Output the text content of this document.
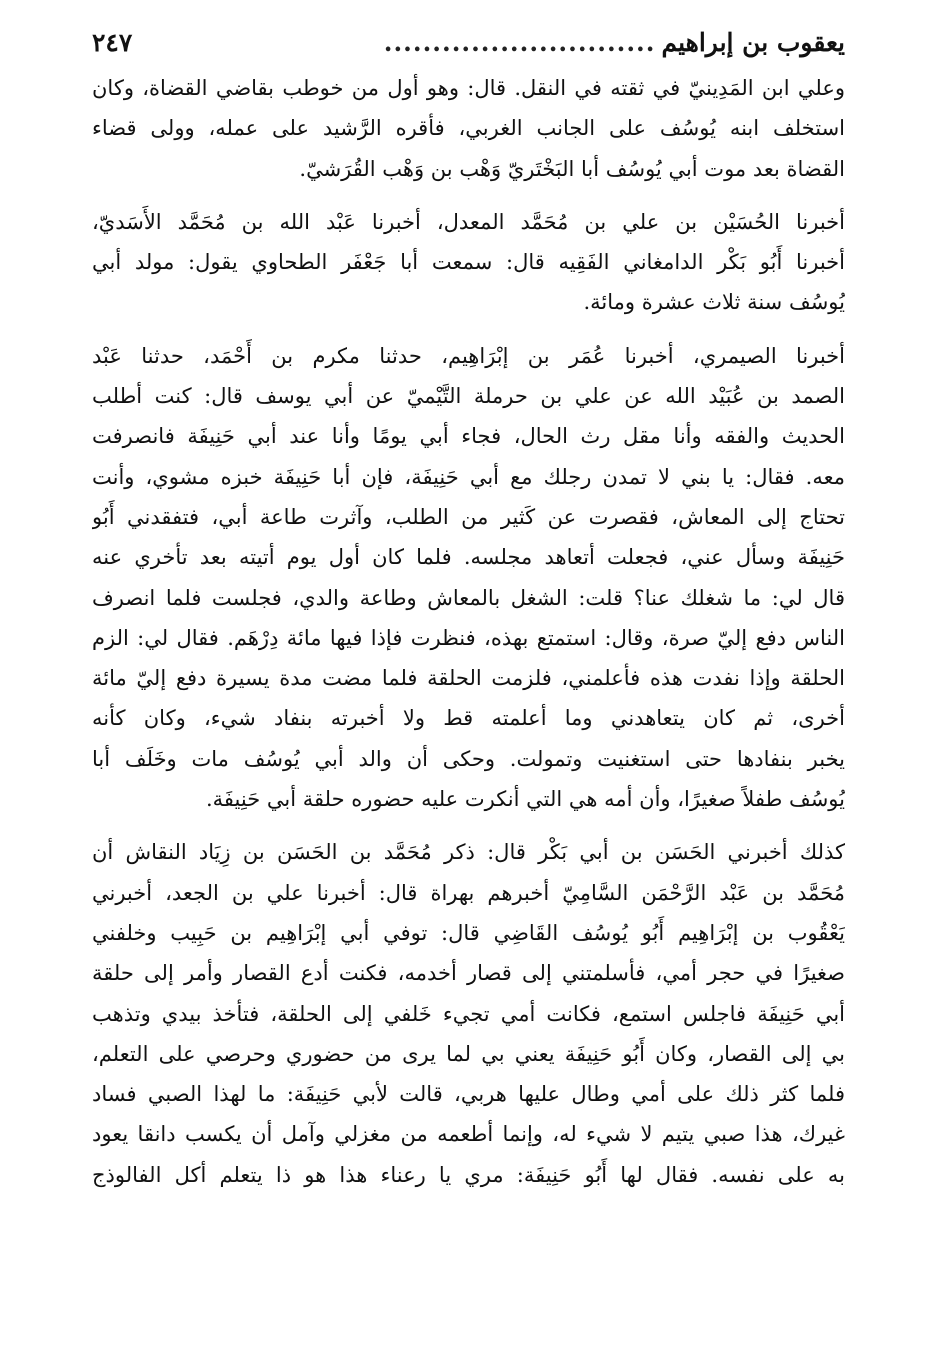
يعقوب بن إبراهيم
............................
٢٤٧
وعلي ابن المَدِينيّ في ثقته في النقل. قال: وهو أول من خوطب بقاضي القضاة، وكان
استخلف ابنه يُوسُف على الجانب الغربي، فأقره الرَّشيد على عمله، وولى قضاء
القضاة بعد موت أبي يُوسُف أبا البَخْتَريّ وَهْب بن وَهْب القُرَشيّ.
أخبرنا الحُسَيْن بن علي بن مُحَمَّد المعدل، أخبرنا عَبْد الله بن مُحَمَّد الأَسَديّ،
أخبرنا أَبُو بَكْر الدامغاني الفَقِيه قال: سمعت أبا جَعْفَر الطحاوي يقول: مولد أبي
يُوسُف سنة ثلاث عشرة ومائة.
أخبرنا الصيمري، أخبرنا عُمَر بن إبْرَاهِيم، حدثنا مكرم بن أَحْمَد، حدثنا عَبْد
الصمد بن عُبَيْد الله عن علي بن حرملة التَّيْميّ عن أبي يوسف قال: كنت أطلب
الحديث والفقه وأنا مقل رث الحال، فجاء أبي يومًا وأنا عند أبي حَنِيفَة فانصرفت
معه. فقال: يا بني لا تمدن رجلك مع أبي حَنِيفَة، فإن أبا حَنِيفَة خبزه مشوي، وأنت
تحتاج إلى المعاش، فقصرت عن كَثير من الطلب، وآثرت طاعة أبي، فتفقدني أَبُو
حَنِيفَة وسأل عني، فجعلت أتعاهد مجلسه. فلما كان أول يوم أتيته بعد تأخري عنه
قال لي: ما شغلك عنا؟ قلت: الشغل بالمعاش وطاعة والدي، فجلست فلما انصرف
الناس دفع إليّ صرة، وقال: استمتع بهذه، فنظرت فإذا فيها مائة دِرْهَم. فقال لي: الزم
الحلقة وإذا نفدت هذه فأعلمني، فلزمت الحلقة فلما مضت مدة يسيرة دفع إليّ مائة
أخرى، ثم كان يتعاهدني وما أعلمته قط ولا أخبرته بنفاد شيء، وكان كأنه
يخبر بنفادها حتى استغنيت وتمولت. وحكى أن والد أبي يُوسُف مات وخَلَف أبا
يُوسُف طفلاً صغيرًا، وأن أمه هي التي أنكرت عليه حضوره حلقة أبي حَنِيفَة.
كذلك أخبرني الحَسَن بن أبي بَكْر قال: ذكر مُحَمَّد بن الحَسَن بن زِيَاد النقاش أن
مُحَمَّد بن عَبْد الرَّحْمَن السَّامِيّ أخبرهم بهراة قال: أخبرنا علي بن الجعد، أخبرني
يَعْقُوب بن إبْرَاهِيم أَبُو يُوسُف القَاضِي قال: توفي أبي إبْرَاهِيم بن حَبِيب وخلفني
صغيرًا في حجر أمي، فأسلمتني إلى قصار أخدمه، فكنت أدع القصار وأمر إلى حلقة
أبي حَنِيفَة فاجلس استمع، فكانت أمي تجيء خَلفي إلى الحلقة، فتأخذ بيدي وتذهب
بي إلى القصار، وكان أَبُو حَنِيفَة يعني بي لما يرى من حضوري وحرصي على التعلم،
فلما كثر ذلك على أمي وطال عليها هربي، قالت لأبي حَنِيفَة: ما لهذا الصبي فساد
غيرك، هذا صبي يتيم لا شيء له، وإنما أطعمه من مغزلي وآمل أن يكسب دانقا يعود
به على نفسه. فقال لها أَبُو حَنِيفَة: مري يا رعناء هذا هو ذا يتعلم أكل الفالوذج
